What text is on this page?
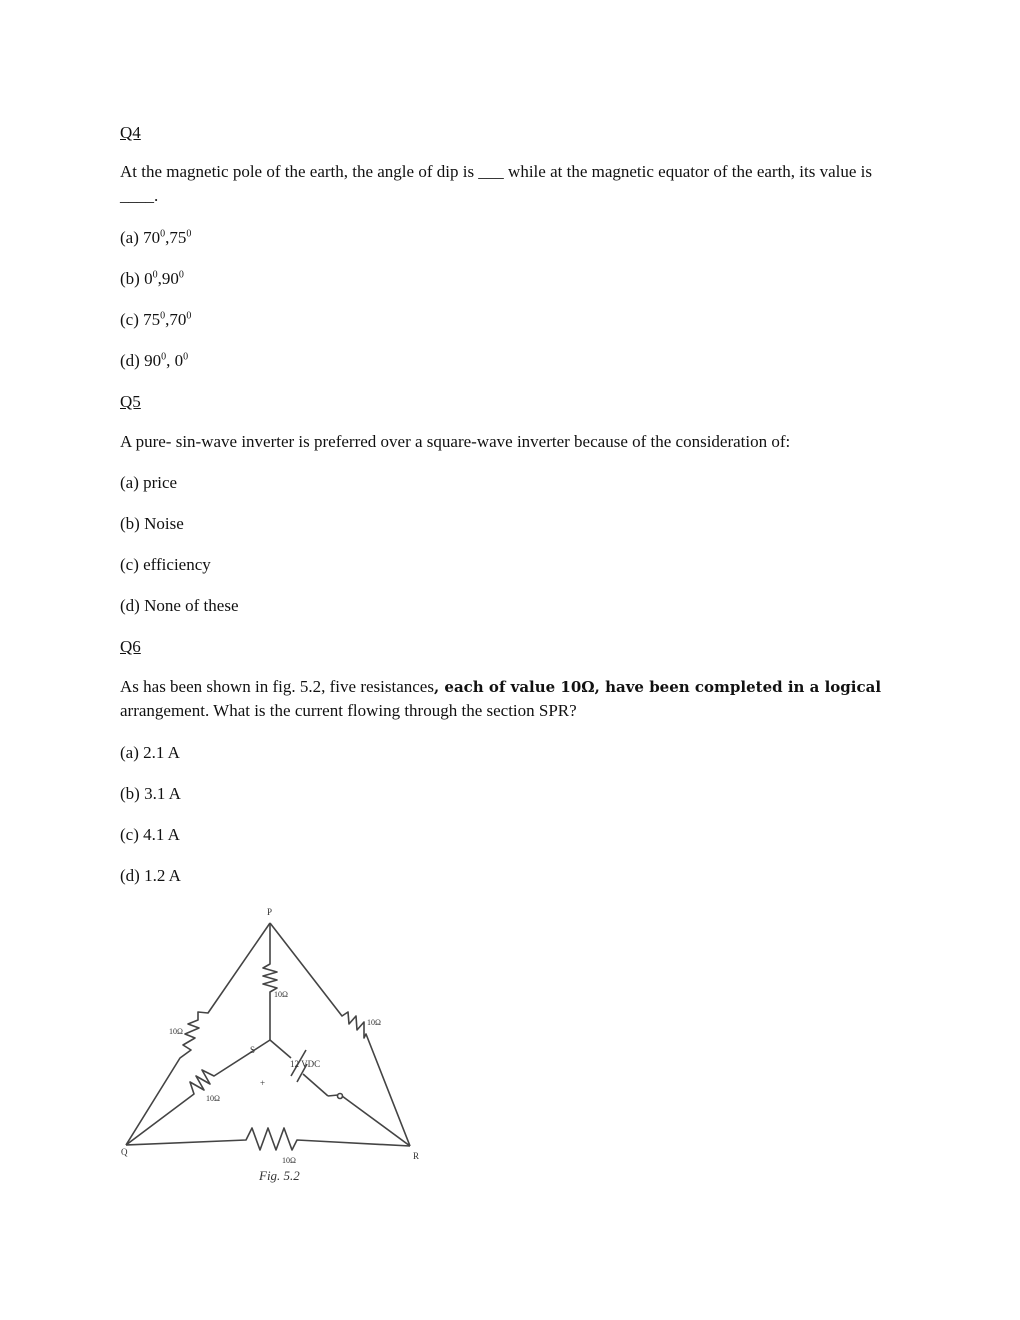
Q4
At the magnetic pole of the earth, the angle of dip is ___ while at the magnetic equator of the earth, its value is ____.
(a) $70^0,75^0$
(b) $0^0,90^0$
(c) $75^0,70^0$
(d) $90^0$, $0^0$
Q5
A pure- sin-wave inverter is preferred over a square-wave inverter because of the consideration of:
(a) price
(b) Noise
(c) efficiency
(d) None of these
Q6
As has been shown in fig. 5.2, five resistances, each of value 10Ω, have been completed in a logical
arrangement. What is the current flowing through the section SPR?
(a) 2.1 A
(b) 3.1 A
(c) 4.1 A
(d) 1.2 A
P
Q	R
S
10Ω
10Ω
10Ω
10Ω
10Ω
12 VDC
+
Fig. 5.2
